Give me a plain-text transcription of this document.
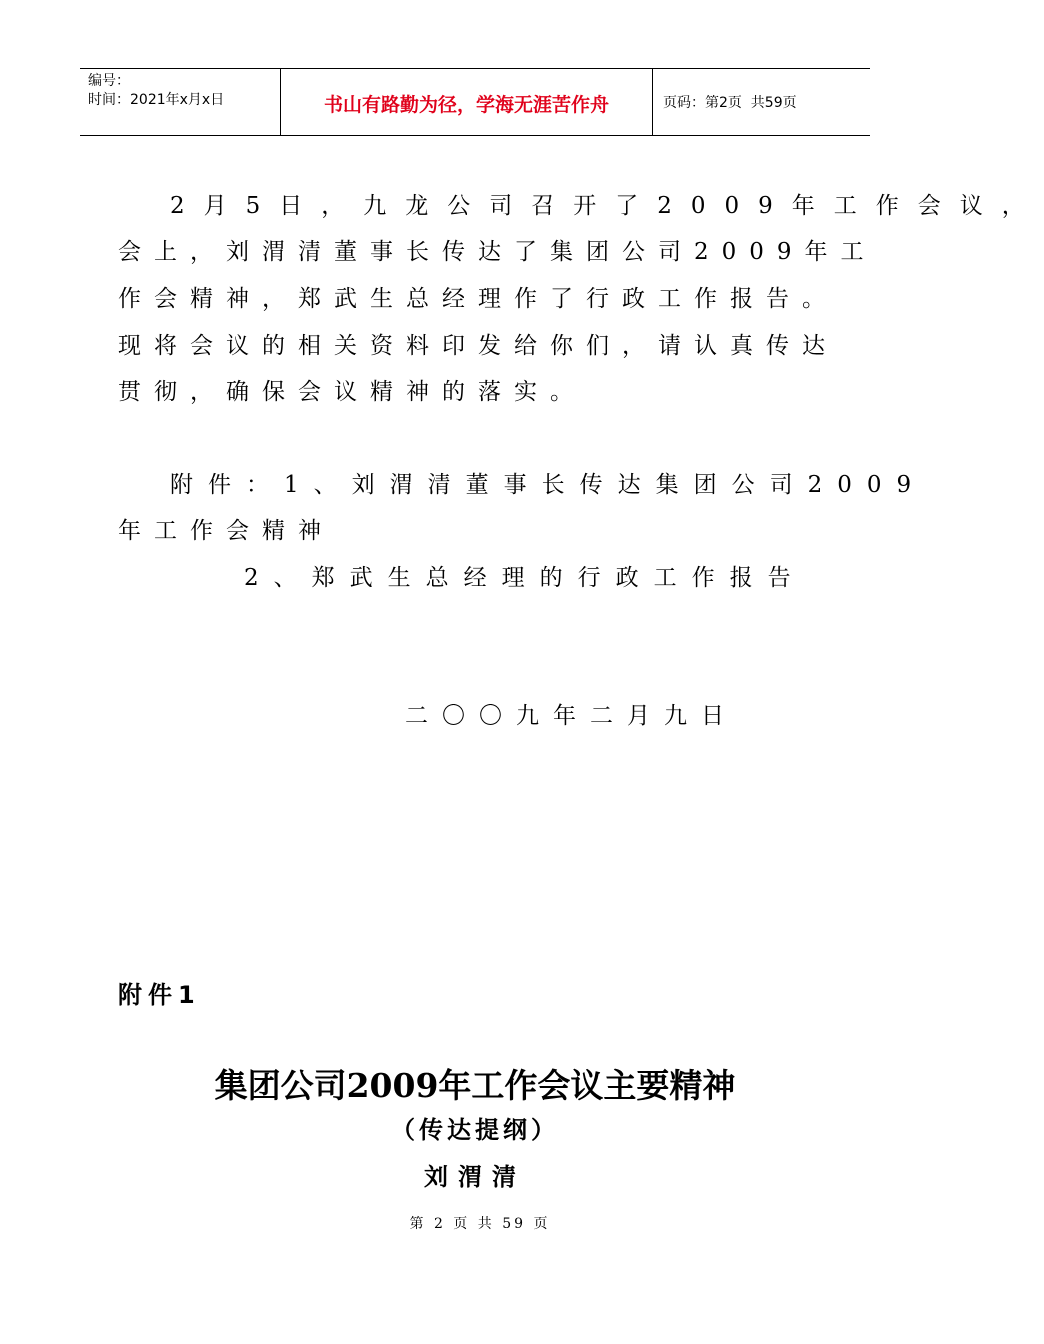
编号：
时间：2021年x月x日	书山有路勤为径，学海无涯苦作舟	页码：第2页  共59页
2月5日，九龙公司召开了2009年工作会议，
会上，刘渭清董事长传达了集团公司2009年工
作会精神，郑武生总经理作了行政工作报告。
现将会议的相关资料印发给你们，请认真传达
贯彻，确保会议精神的落实。
附件：1、刘渭清董事长传达集团公司2009
年工作会精神
2、郑武生总经理的行政工作报告
二〇〇九年二月九日
附件1
集团公司2009年工作会议主要精神
（传达提纲）
刘渭清
第 2 页 共 59 页
